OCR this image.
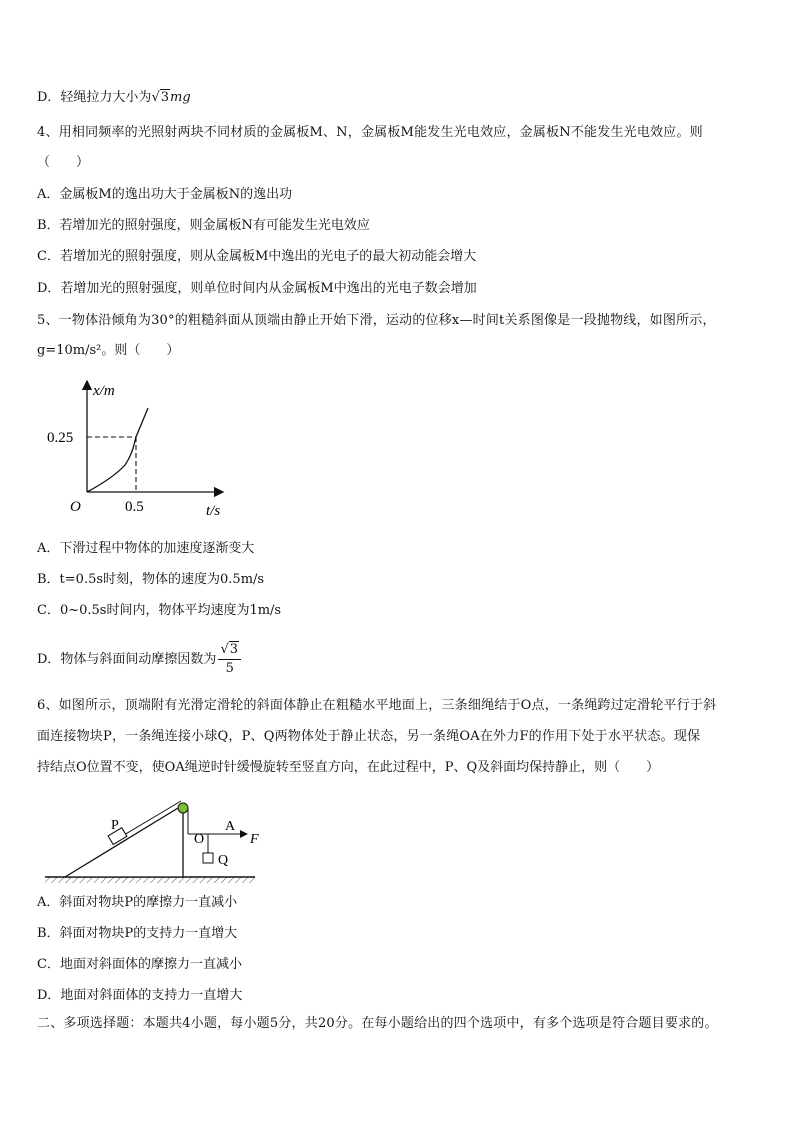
D．轻绳拉力大小为√3mg
4、用相同频率的光照射两块不同材质的金属板M、N，金属板M能发生光电效应，金属板N不能发生光电效应。则
（　　）
A．金属板M的逸出功大于金属板N的逸出功
B．若增加光的照射强度，则金属板N有可能发生光电效应
C．若增加光的照射强度，则从金属板M中逸出的光电子的最大初动能会增大
D．若增加光的照射强度，则单位时间内从金属板M中逸出的光电子数会增加
5、一物体沿倾角为30°的粗糙斜面从顶端由静止开始下滑，运动的位移x—时间t关系图像是一段抛物线，如图所示，
g=10m/s²。则（　　）
x/m
0.25
O	0.5	t/s
A．下滑过程中物体的加速度逐渐变大
B．t=0.5s时刻，物体的速度为0.5m/s
C．0~0.5s时间内，物体平均速度为1m/s
D．物体与斜面间动摩擦因数为 $\frac{√3}{5}$
6、如图所示，顶端附有光滑定滑轮的斜面体静止在粗糙水平地面上，三条细绳结于O点，一条绳跨过定滑轮平行于斜
面连接物块P，一条绳连接小球Q，P、Q两物体处于静止状态，另一条绳OA在外力F的作用下处于水平状态。现保
持结点O位置不变，使OA绳逆时针缓慢旋转至竖直方向，在此过程中，P、Q及斜面均保持静止，则（　　）
P
O
A
F
Q
A．斜面对物块P的摩擦力一直减小
B．斜面对物块P的支持力一直增大
C．地面对斜面体的摩擦力一直减小
D．地面对斜面体的支持力一直增大
二、多项选择题：本题共4小题，每小题5分，共20分。在每小题给出的四个选项中，有多个选项是符合题目要求的。
